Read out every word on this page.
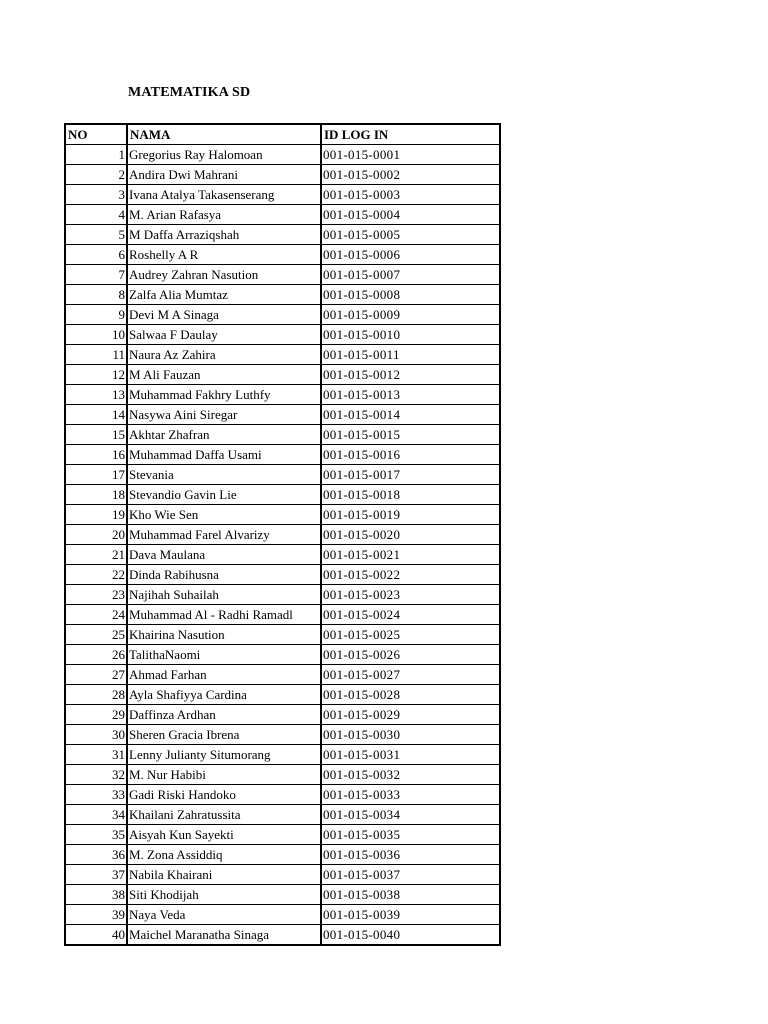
MATEMATIKA SD
NO	NAMA	ID LOG IN
1	Gregorius Ray Halomoan	001-015-0001
2	Andira Dwi Mahrani	001-015-0002
3	Ivana Atalya Takasenserang	001-015-0003
4	M. Arian Rafasya	001-015-0004
5	M Daffa Arraziqshah	001-015-0005
6	Roshelly A R	001-015-0006
7	Audrey Zahran Nasution	001-015-0007
8	Zalfa Alia Mumtaz	001-015-0008
9	Devi M A Sinaga	001-015-0009
10	Salwaa F Daulay	001-015-0010
11	Naura Az Zahira	001-015-0011
12	M Ali Fauzan	001-015-0012
13	Muhammad Fakhry Luthfy	001-015-0013
14	Nasywa Aini Siregar	001-015-0014
15	Akhtar Zhafran	001-015-0015
16	Muhammad Daffa Usami	001-015-0016
17	Stevania	001-015-0017
18	Stevandio Gavin Lie	001-015-0018
19	Kho Wie Sen	001-015-0019
20	Muhammad Farel Alvarizy	001-015-0020
21	Dava Maulana	001-015-0021
22	Dinda Rabihusna	001-015-0022
23	Najihah Suhailah	001-015-0023
24	Muhammad Al - Radhi Ramadl	001-015-0024
25	Khairina Nasution	001-015-0025
26	TalithaNaomi	001-015-0026
27	Ahmad Farhan	001-015-0027
28	Ayla Shafiyya Cardina	001-015-0028
29	Daffinza Ardhan	001-015-0029
30	Sheren Gracia Ibrena	001-015-0030
31	Lenny Julianty Situmorang	001-015-0031
32	M. Nur Habibi	001-015-0032
33	Gadi Riski Handoko	001-015-0033
34	Khailani Zahratussita	001-015-0034
35	Aisyah Kun Sayekti	001-015-0035
36	M. Zona Assiddiq	001-015-0036
37	Nabila Khairani	001-015-0037
38	Siti Khodijah	001-015-0038
39	Naya Veda	001-015-0039
40	Maichel Maranatha Sinaga	001-015-0040
